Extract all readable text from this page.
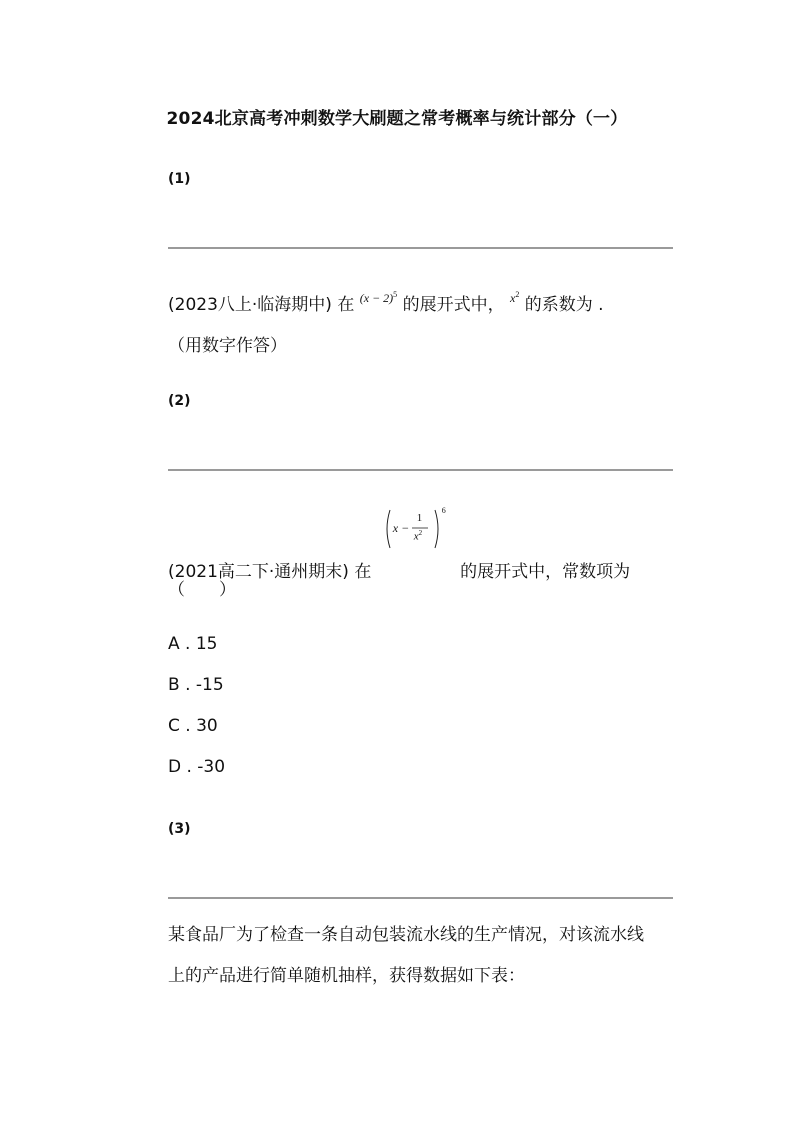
2024北京高考冲刺数学大刷题之常考概率与统计部分（一）
(1)
(2023八上·临海期中) 在 $^{(x - 2)^5}$ 的展开式中， $^{x^2}$ 的系数为 .
（用数字作答）
(2)
(2021高二下·通州期末) 在
x −
1
$x^2$
6
的展开式中，常数项为
（　　）
A . 15
B . -15
C . 30
D . -30
(3)
某食品厂为了检查一条自动包装流水线的生产情况，对该流水线
上的产品进行简单随机抽样，获得数据如下表：
